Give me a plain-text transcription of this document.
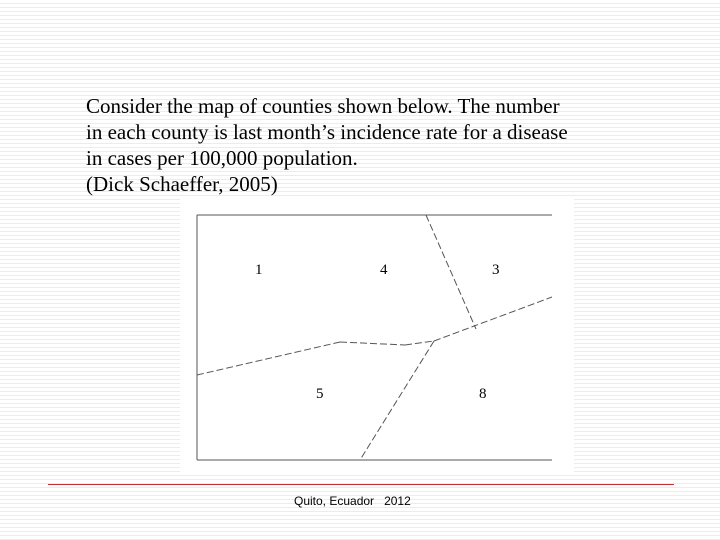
Consider the map of counties shown below. The number
in each county is last month’s incidence rate for a disease
in cases per 100,000 population.
(Dick Schaeffer, 2005)
1	4	3
5	8
Quito, Ecuador 2012
